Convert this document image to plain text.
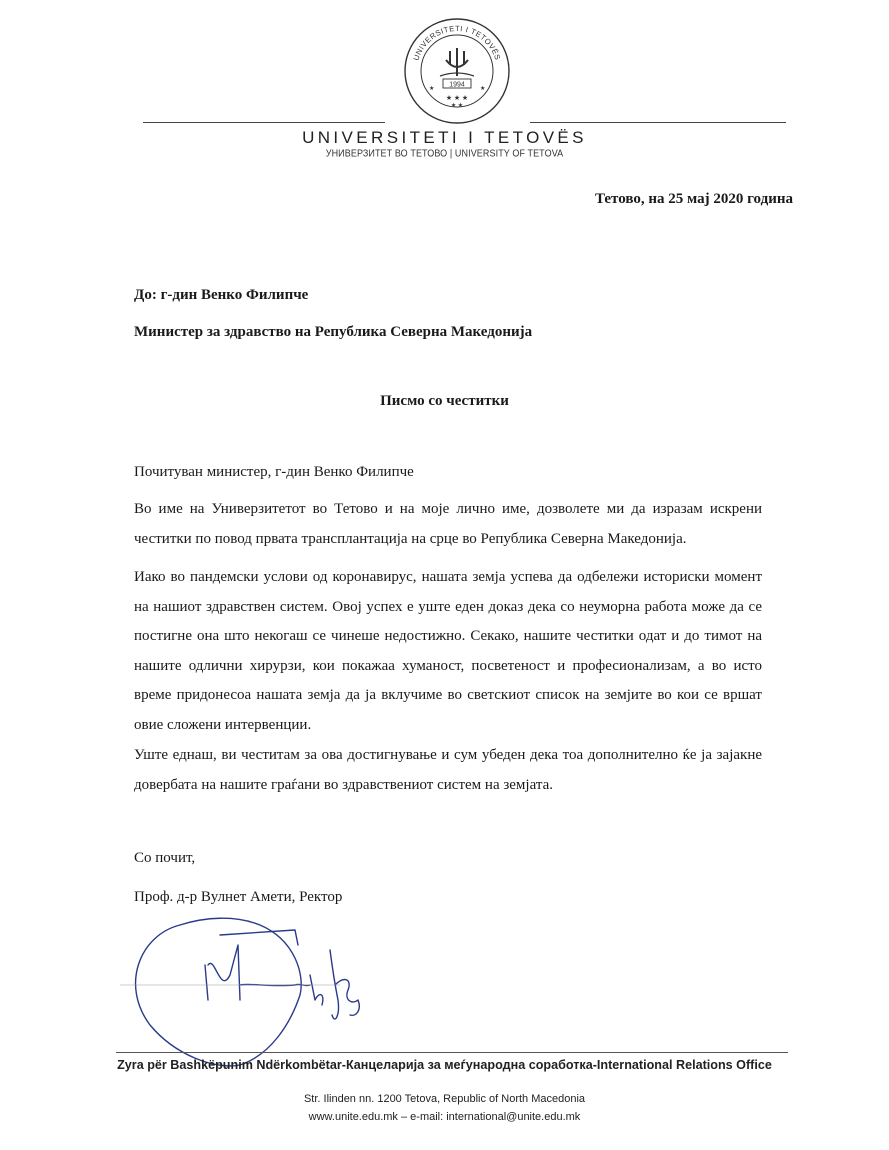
UNIVERSITETI I TETOVËS
1994
★ ★ ★
★ ★
★	★
UNIVERSITETI I TETOVËS
УНИВЕРЗИТЕТ ВО ТЕТОВО | UNIVERSITY OF TETOVA
Тетово, на 25 мај 2020 година
До: г-дин Венко Филипче
Министер за здравство на Република Северна Македонија
Писмо со честитки
Почитуван министер, г-дин Венко Филипче
Во име на Универзитетот во Тетово и на моје лично име, дозволете ми да изразам искрени честитки по повод првата трансплантација на срце во Република Северна Македонија.
Иако во пандемски услови од коронавирус, нашата земја успева да одбележи историски момент на нашиот здравствен систем. Овој успех е уште еден доказ дека со неуморна работа може да се постигне она што некогаш се чинеше недостижно. Секако, нашите честитки одат и до тимот на нашите одлични хирурзи, кои покажаа хуманост, посветеност и професионализам, а во исто време придонесоа нашата земја да ја вклучиме во светскиот список на земјите во кои се вршат овие сложени интервенции.
Уште еднаш, ви честитам за ова достигнување и сум убеден дека тоа дополнително ќе ја зајакне довербата на нашите граѓани во здравствениот систем на земјата.
Со почит,
Проф. д-р Вулнет Амети, Ректор
Zyra për Bashkëpunim Ndërkombëtar-Канцеларија за меѓународна соработка-International Relations Office
Str. Ilinden nn. 1200 Tetova, Republic of North Macedonia
www.unite.edu.mk – e-mail: international@unite.edu.mk
